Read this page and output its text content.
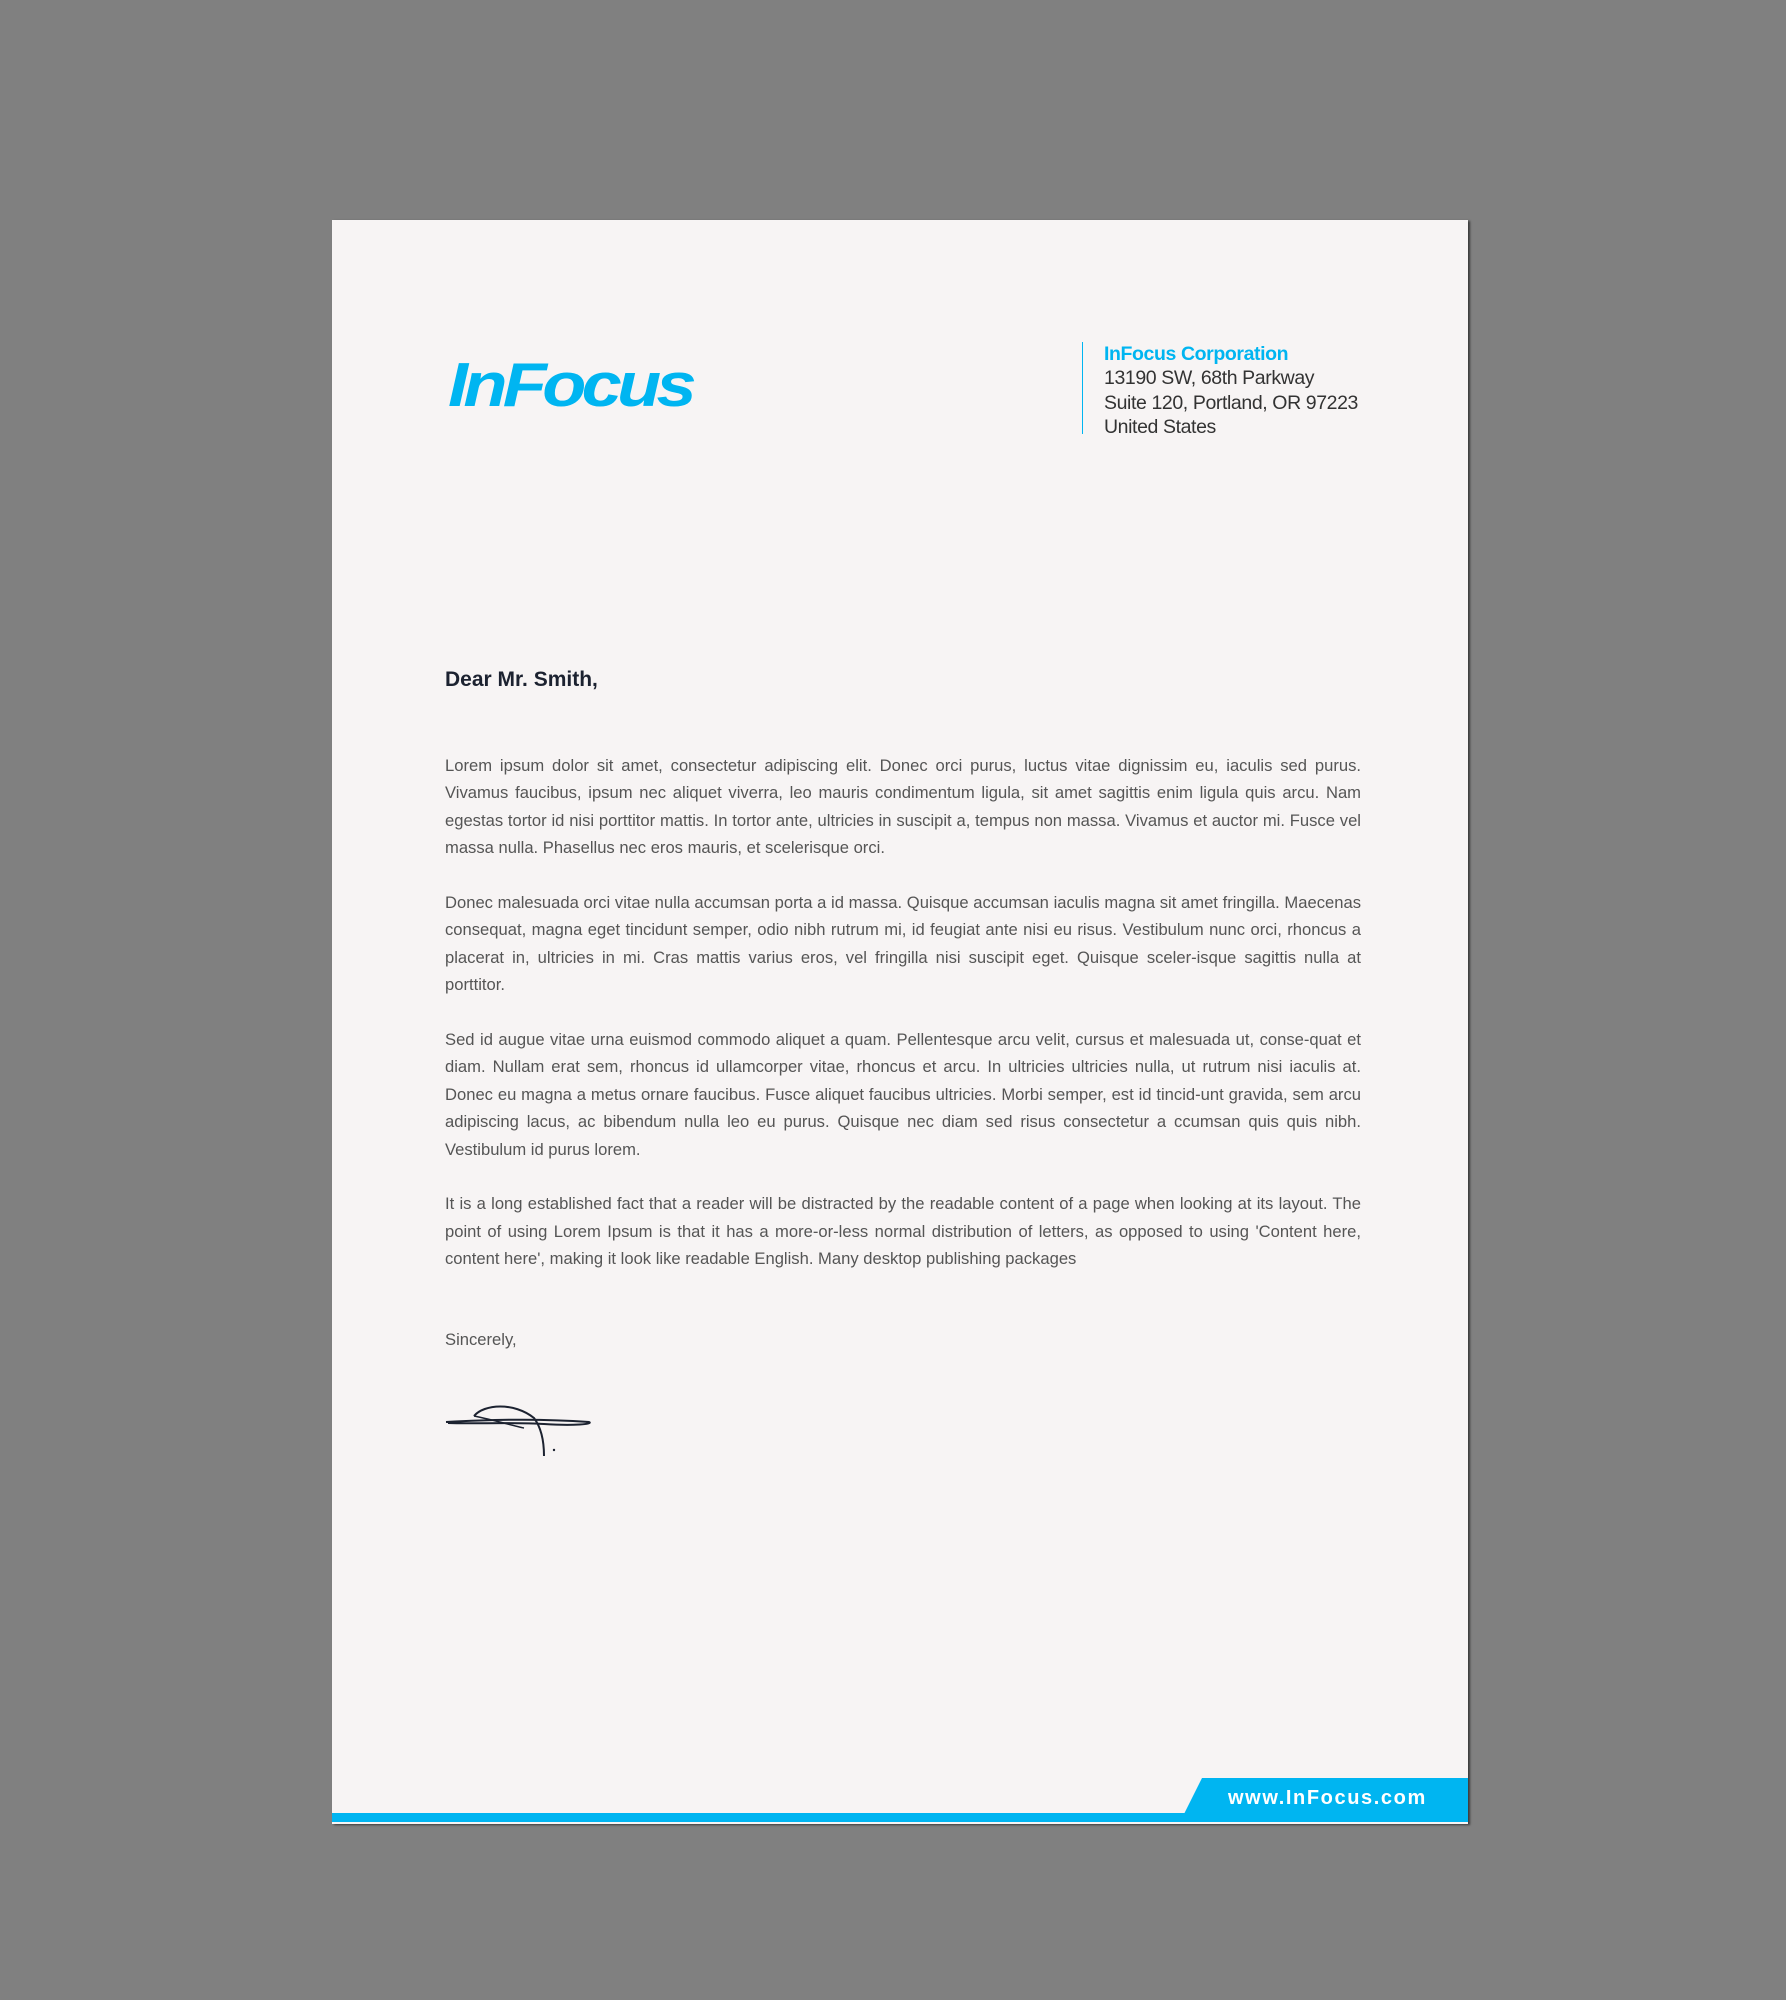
InFocus	InFocus Corporation
13190 SW, 68th Parkway
Suite 120, Portland, OR 97223
United States
Dear Mr. Smith,

Lorem ipsum dolor sit amet, consectetur adipiscing elit. Donec orci purus, luctus vitae dignissim eu, iaculis sed purus. Vivamus faucibus, ipsum nec aliquet viverra, leo mauris condimentum ligula, sit amet sagittis enim ligula quis arcu. Nam egestas tortor id nisi porttitor mattis. In tortor ante, ultricies in suscipit a, tempus non massa. Vivamus et auctor mi. Fusce vel massa nulla. Phasellus nec eros mauris, et scelerisque orci.

Donec malesuada orci vitae nulla accumsan porta a id massa. Quisque accumsan iaculis magna sit amet fringilla. Maecenas consequat, magna eget tincidunt semper, odio nibh rutrum mi, id feugiat ante nisi eu risus. Vestibulum nunc orci, rhoncus a placerat in, ultricies in mi. Cras mattis varius eros, vel fringilla nisi suscipit eget. Quisque sceler-isque sagittis nulla at porttitor.

Sed id augue vitae urna euismod commodo aliquet a quam. Pellentesque arcu velit, cursus et malesuada ut, conse-quat et diam. Nullam erat sem, rhoncus id ullamcorper vitae, rhoncus et arcu. In ultricies ultricies nulla, ut rutrum nisi iaculis at. Donec eu magna a metus ornare faucibus. Fusce aliquet faucibus ultricies. Morbi semper, est id tincid-unt gravida, sem arcu adipiscing lacus, ac bibendum nulla leo eu purus. Quisque nec diam sed risus consectetur a ccumsan quis quis nibh. Vestibulum id purus lorem.

It is a long established fact that a reader will be distracted by the readable content of a page when looking at its layout. The point of using Lorem Ipsum is that it has a more-or-less normal distribution of letters, as opposed to using 'Content here, content here', making it look like readable English. Many desktop publishing packages

Sincerely,
www.InFocus.com
